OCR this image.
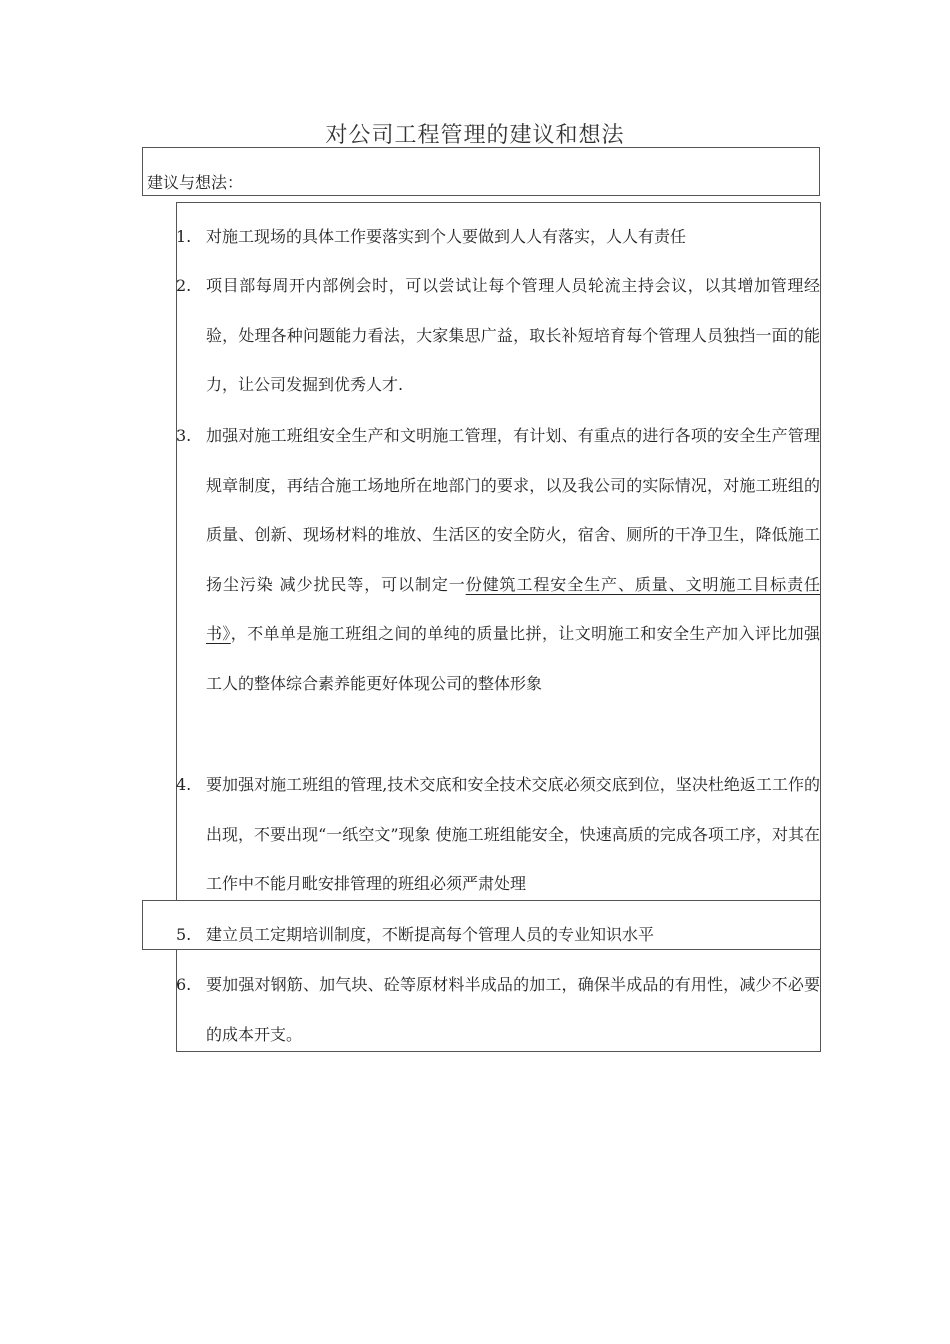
对公司工程管理的建议和想法
建议与想法：
1. 对施工现场的具体工作要落实到个人要做到人人有落实，人人有责任
2. 项目部每周开内部例会时，可以尝试让每个管理人员轮流主持会议，以其增加管理经验，处理各种问题能力看法，大家集思广益，取长补短培育每个管理人员独挡一面的能力，让公司发掘到优秀人才.
3. 加强对施工班组安全生产和文明施工管理，有计划、有重点的进行各项的安全生产管理规章制度，再结合施工场地所在地部门的要求，以及我公司的实际情况，对施工班组的质量、创新、现场材料的堆放、生活区的安全防火，宿舍、厕所的干净卫生，降低施工扬尘污染 减少扰民等，可以制定一份健筑工程安全生产、质量、文明施工目标责任书》，不单单是施工班组之间的单纯的质量比拼，让文明施工和安全生产加入评比加强工人的整体综合素养能更好体现公司的整体形象
4. 要加强对施工班组的管理,技术交底和安全技术交底必须交底到位，坚决杜绝返工工作的出现，不要出现“一纸空文”现象 使施工班组能安全，快速高质的完成各项工序，对其在工作中不能月毗安排管理的班组必须严肃处理
5. 建立员工定期培训制度，不断提高每个管理人员的专业知识水平
6. 要加强对钢筋、加气块、砼等原材料半成品的加工，确保半成品的有用性，减少不必要的成本开支。
